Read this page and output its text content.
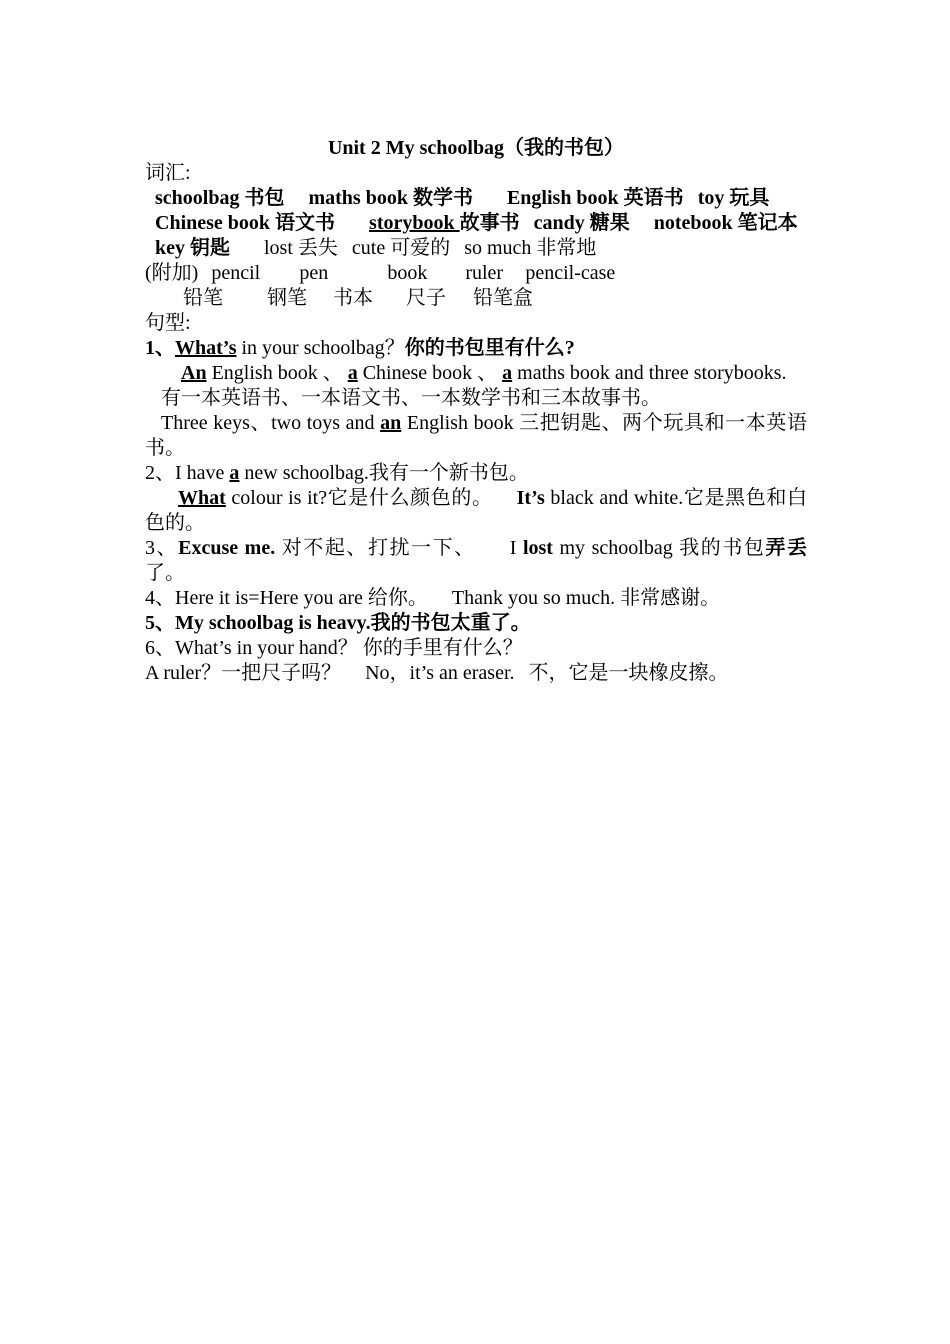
Unit 2 My schoolbag（我的书包）
词汇:
schoolbag 书包 maths book 数学书 English book 英语书 toy 玩具
Chinese book 语文书 storybook 故事书 candy 糖果 notebook 笔记本
key 钥匙 lost 丢失 cute 可爱的 so much 非常地
(附加) pencil pen	book ruler pencil-case
铅笔 钢笔 书本 尺子 铅笔盒
句型:
1、What’s in your schoolbag？你的书包里有什么?
An English book 、 a Chinese book 、 a maths book and three storybooks.
有一本英语书、一本语文书、一本数学书和三本故事书。
Three keys、two toys and an English book 三把钥匙、两个玩具和一本英语书。
2、I have a new schoolbag.我有一个新书包。
What colour is it?它是什么颜色的。 It’s black and white.它是黑色和白色的。
3、Excuse me. 对不起、打扰一下、 I lost my schoolbag 我的书包弄丢了。
4、Here it is=Here you are 给你。 Thank you so much. 非常感谢。
5、My schoolbag is heavy.我的书包太重了。
6、What’s in your hand？ 你的手里有什么？
A ruler？一把尺子吗？ No，it’s an eraser. 不，它是一块橡皮擦。
